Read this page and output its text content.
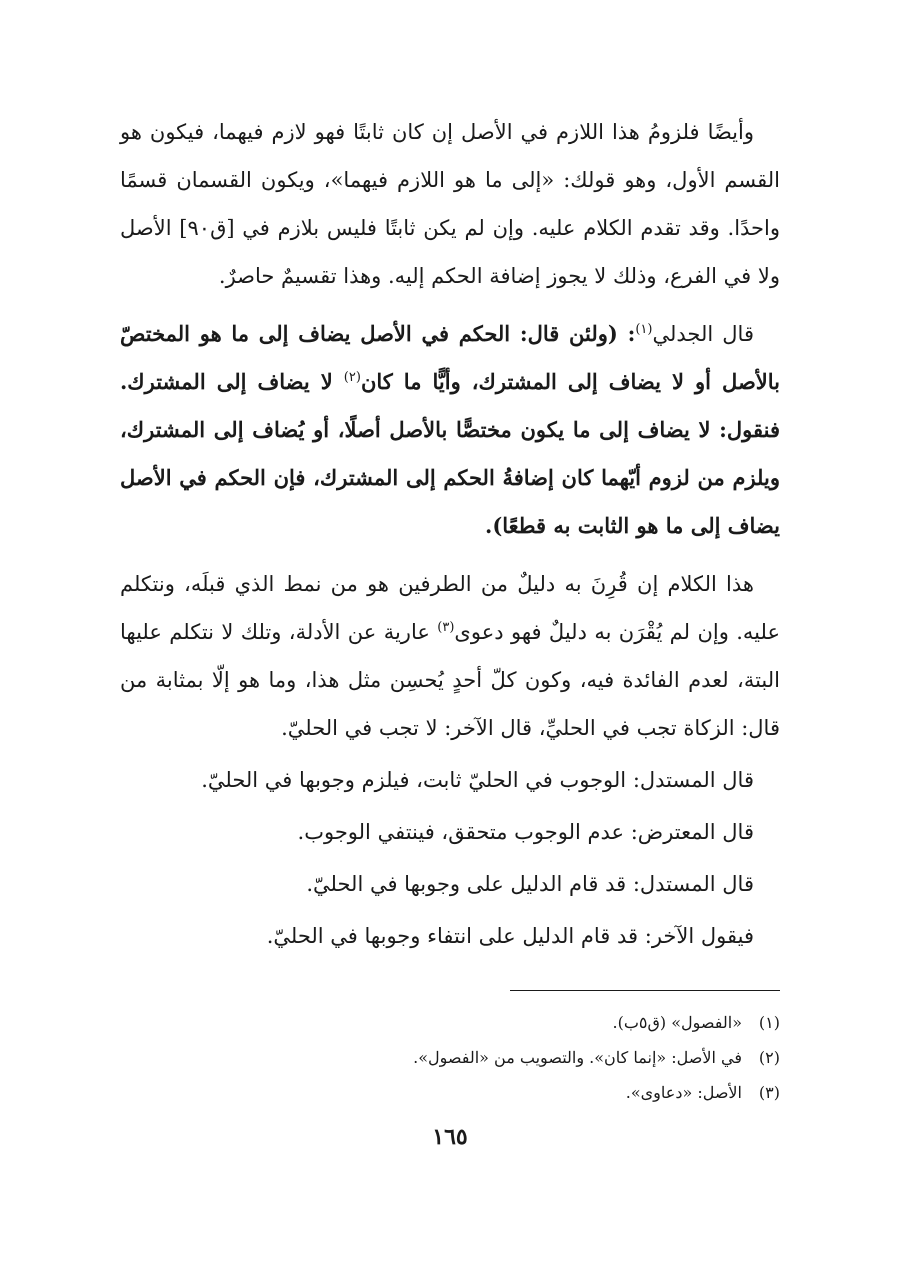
وأيضًا فلزومُ هذا اللازم في الأصل إن كان ثابتًا فهو لازم فيهما، فيكون هو القسم الأول، وهو قولك: «إلى ما هو اللازم فيهما»، ويكون القسمان قسمًا واحدًا. وقد تقدم الكلام عليه. وإن لم يكن ثابتًا فليس بلازم في [ق٩٠] الأصل ولا في الفرع، وذلك لا يجوز إضافة الحكم إليه. وهذا تقسيمٌ حاصرٌ.

قال الجدلي$^{(١)}$: (ولئن قال: الحكم في الأصل يضاف إلى ما هو المختصّ بالأصل أو لا يضاف إلى المشترك، وأيًّا ما كان$^{(٢)}$ لا يضاف إلى المشترك. فنقول: لا يضاف إلى ما يكون مختصًّا بالأصل أصلًا، أو يُضاف إلى المشترك، ويلزم من لزوم أيّهما كان إضافةُ الحكم إلى المشترك، فإن الحكم في الأصل يضاف إلى ما هو الثابت به قطعًا).

هذا الكلام إن قُرِنَ به دليلٌ من الطرفين هو من نمط الذي قبلَه، ونتكلم عليه. وإن لم يُقْرَن به دليلٌ فهو دعوى$^{(٣)}$ عارية عن الأدلة، وتلك لا نتكلم عليها البتة، لعدم الفائدة فيه، وكون كلّ أحدٍ يُحسِن مثل هذا، وما هو إلّا بمثابة من قال: الزكاة تجب في الحليِّ، قال الآخر: لا تجب في الحليّ.

قال المستدل: الوجوب في الحليّ ثابت، فيلزم وجوبها في الحليّ.

قال المعترض: عدم الوجوب متحقق، فينتفي الوجوب.

قال المستدل: قد قام الدليل على وجوبها في الحليّ.

فيقول الآخر: قد قام الدليل على انتفاء وجوبها في الحليّ.

(١)
«الفصول» (ق٥ب).
(٢)
في الأصل: «إنما كان». والتصويب من «الفصول».
(٣)
الأصل: «دعاوى».
١٦٥
